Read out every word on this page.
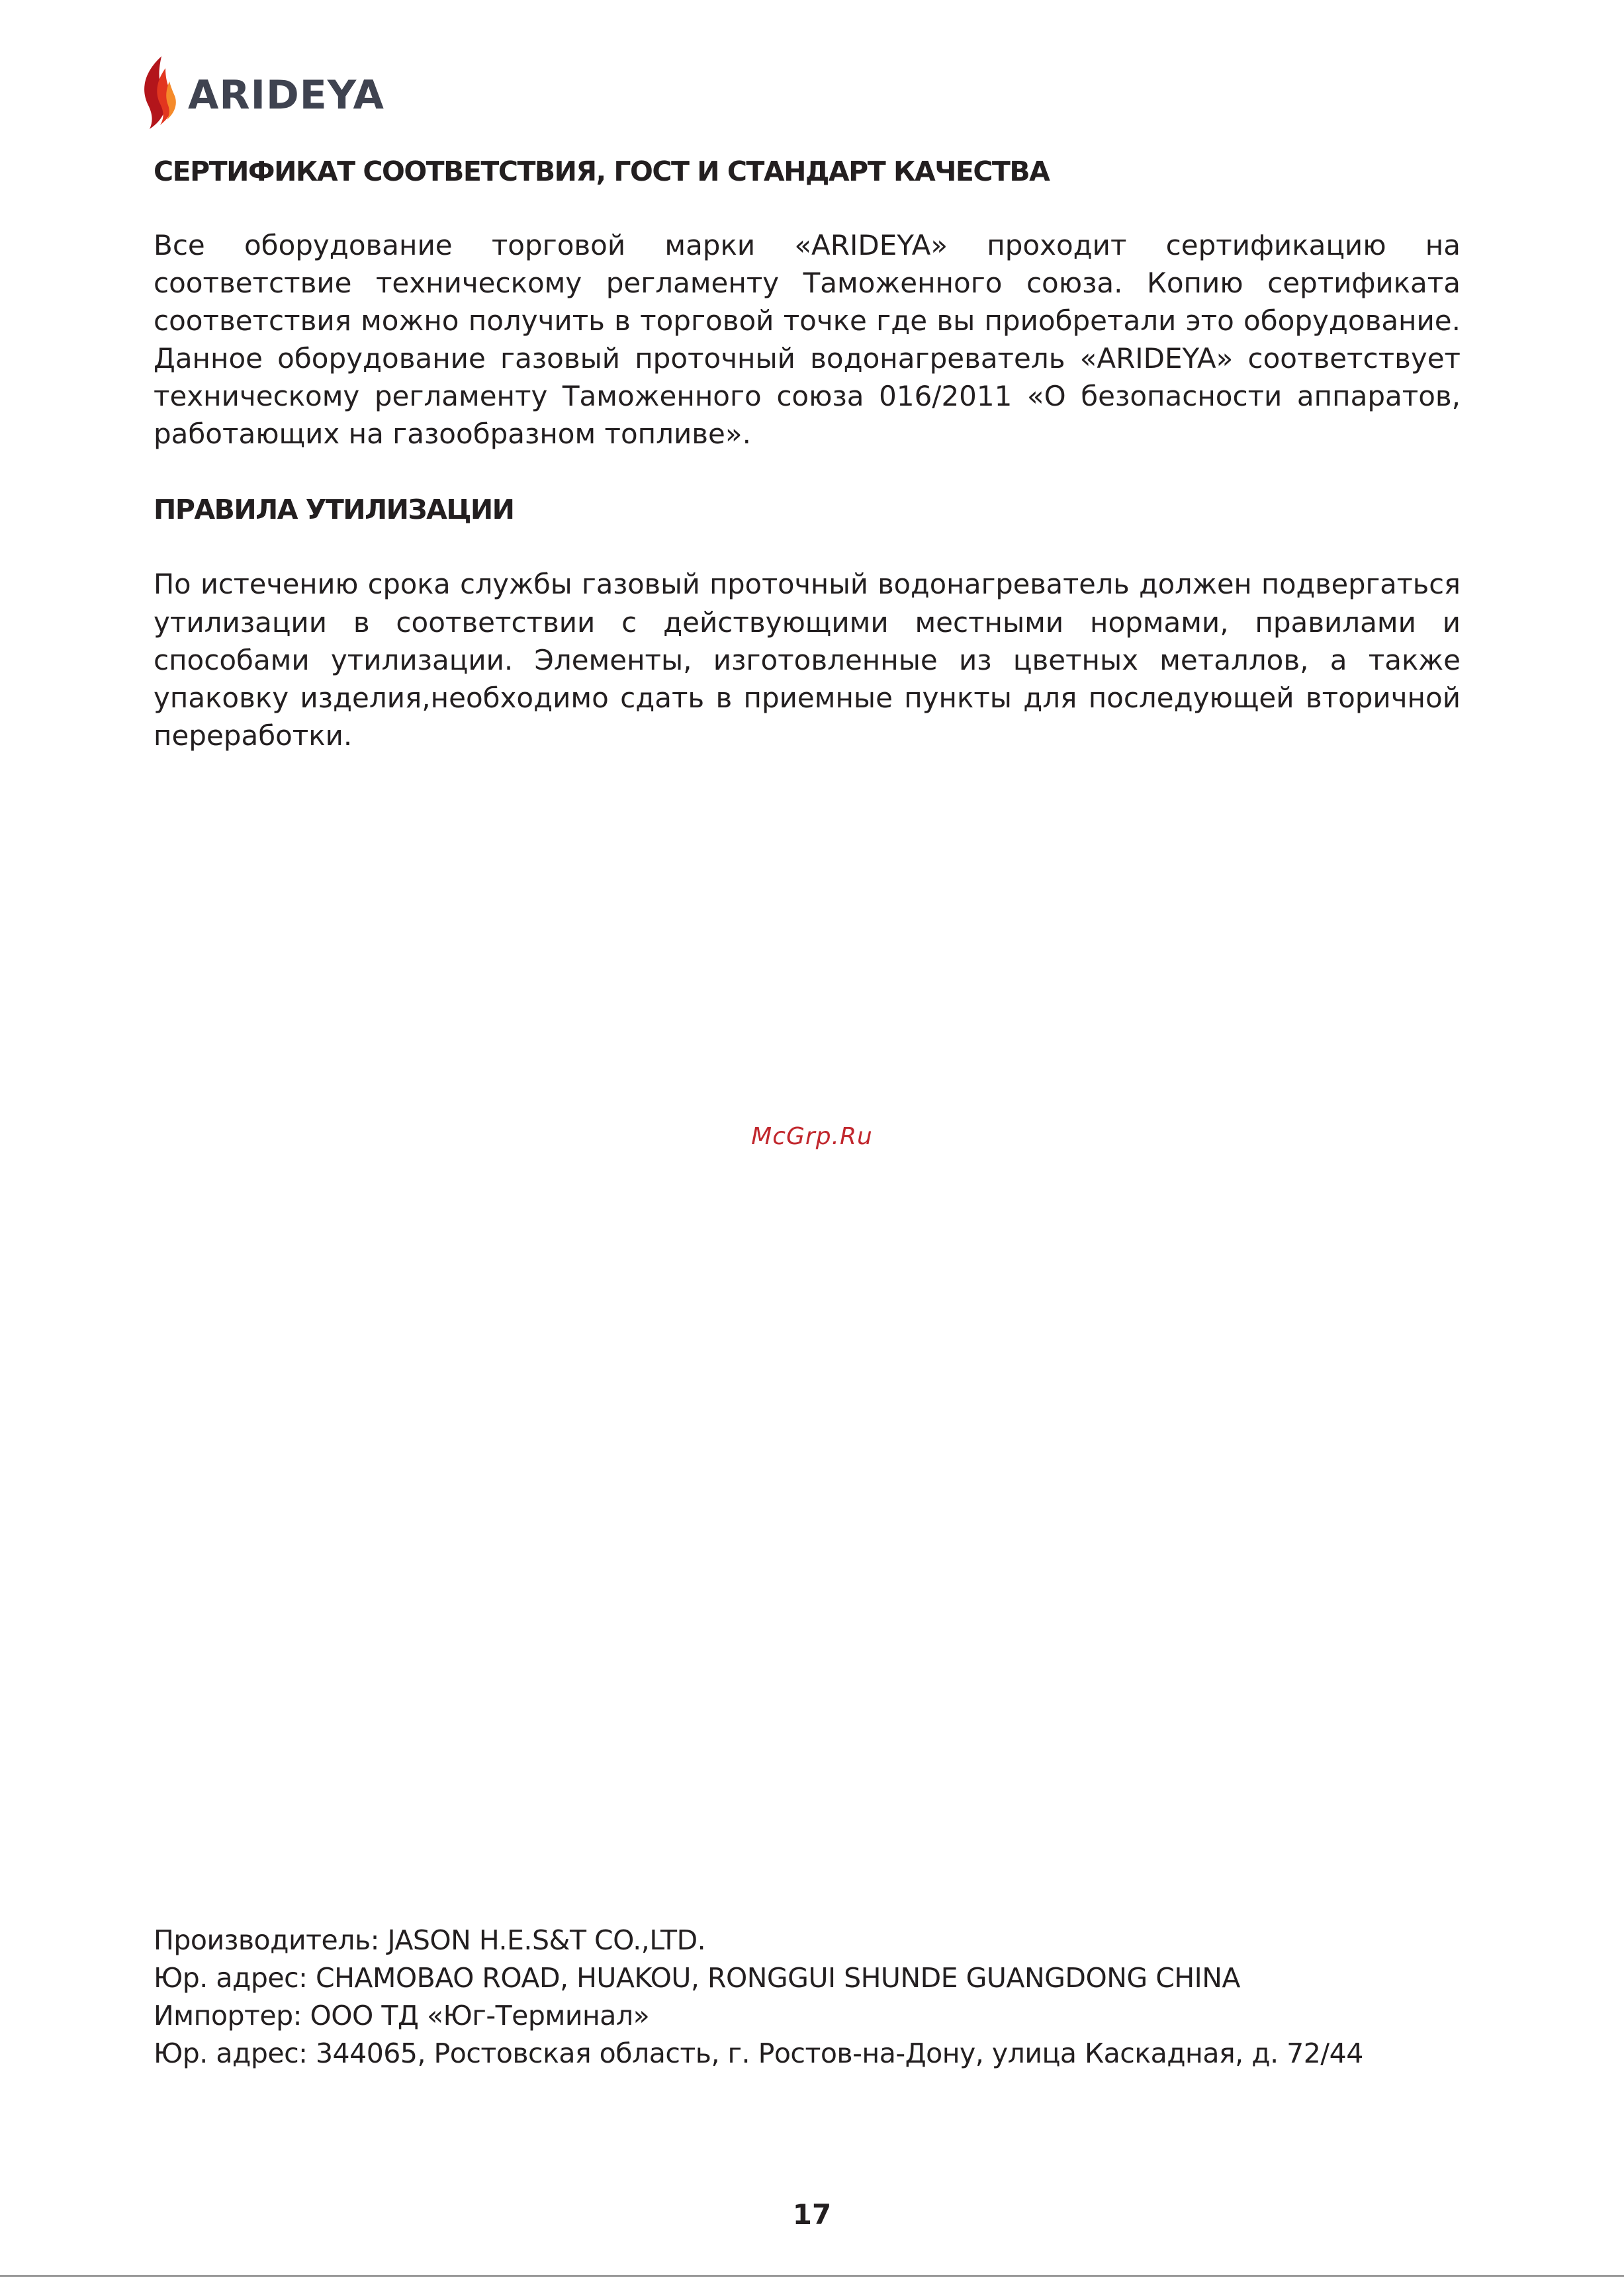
ARIDEYA
СЕРТИФИКАТ СООТВЕТСТВИЯ, ГОСТ И СТАНДАРТ КАЧЕСТВА
Все оборудование торговой марки «ARIDEYA» проходит сертификацию на
соответствие техническому регламенту Таможенного союза. Копию сертификата
соответствия можно получить в торговой точке где вы приобретали это оборудование.
Данное оборудование газовый проточный водонагреватель «ARIDEYA» соответствует
техническому регламенту Таможенного союза 016/2011 «О безопасности аппаратов,
работающих на газообразном топливе».
ПРАВИЛА УТИЛИЗАЦИИ
По истечению срока службы газовый проточный водонагреватель должен подвергаться
утилизации в соответствии с действующими местными нормами, правилами и
способами утилизации. Элементы, изготовленные из цветных металлов, а также
упаковку изделия,необходимо сдать в приемные пункты для последующей вторичной
переработки.
McGrp.Ru
Производитель: JASON H.E.S&T CO.,LTD.
Юр. адрес: CHAMOBAO ROAD, HUAKOU, RONGGUI SHUNDE GUANGDONG CHINA
Импортер: ООО ТД «Юг-Терминал»
Юр. адрес: 344065, Ростовская область, г. Ростов-на-Дону, улица Каскадная, д. 72/44
17
